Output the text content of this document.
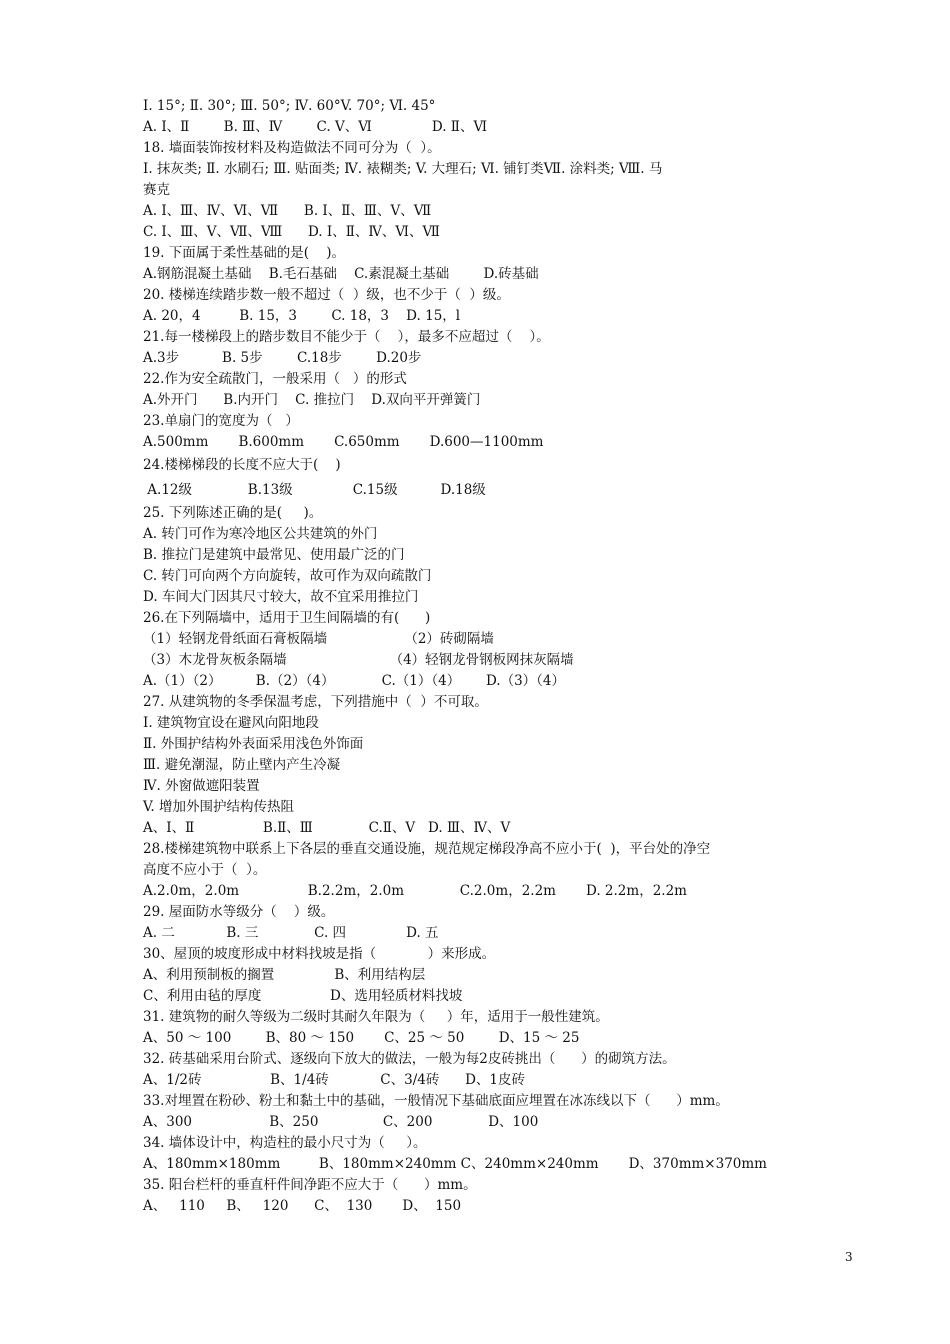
I. 15°; Ⅱ. 30°; Ⅲ. 50°; Ⅳ. 60°V. 70°; Ⅵ. 45°
A. I、Ⅱ        B. Ⅲ、Ⅳ        C. Ⅴ、Ⅵ              D. Ⅱ、Ⅵ
18. 墙面装饰按材料及构造做法不同可分为（  ）。
I. 抹灰类; Ⅱ. 水刷石; Ⅲ. 贴面类; Ⅳ. 裱糊类; V. 大理石; Ⅵ. 铺钉类Ⅶ. 涂料类; Ⅷ. 马
赛克
A. I、Ⅲ、Ⅳ、Ⅵ、Ⅶ      B. I、Ⅱ、Ⅲ、Ⅴ、Ⅶ
C. I、Ⅲ、Ⅴ、Ⅶ、Ⅷ      D. I、Ⅱ、Ⅳ、Ⅵ、Ⅶ
19. 下面属于柔性基础的是(    )。
A.钢筋混凝土基础    B.毛石基础    C.素混凝土基础        D.砖基础
20. 楼梯连续踏步数一般不超过（  ）级，也不少于（  ）级。
A. 20，4         B. 15，3        C. 18，3    D. 15，l
21.每一楼梯段上的踏步数目不能少于（    ），最多不应超过（    ）。
A.3步          B. 5步        C.18步        D.20步
22.作为安全疏散门，一般采用（   ）的形式
A.外开门      B.内开门    C. 推拉门    D.双向平开弹簧门
23.单扇门的宽度为（   ）
A.500mm       B.600mm       C.650mm       D.600—1100mm
24.楼梯梯段的长度不应大于(    )
A.12级             B.13级              C.15级          D.18级
25. 下列陈述正确的是(     )。
A. 转门可作为寒冷地区公共建筑的外门
B. 推拉门是建筑中最常见、使用最广泛的门
C. 转门可向两个方向旋转，故可作为双向疏散门
D. 车间大门因其尺寸较大，故不宜采用推拉门
26.在下列隔墙中，适用于卫生间隔墙的有(      )
（1）轻钢龙骨纸面石膏板隔墙                  （2）砖砌隔墙
（3）木龙骨灰板条隔墙                        （4）轻钢龙骨钢板网抹灰隔墙
A.（1）（2）        B.（2）（4）           C.（1）（4）      D.（3）（4）
27. 从建筑物的冬季保温考虑，下列措施中（  ）不可取。
I. 建筑物宜设在避风向阳地段
Ⅱ. 外围护结构外表面采用浅色外饰面
Ⅲ. 避免潮湿，防止壁内产生冷凝
Ⅳ. 外窗做遮阳装置
V. 增加外围护结构传热阻
A、I、Ⅱ                B.Ⅱ、Ⅲ             C.Ⅱ、V   D. Ⅲ、Ⅳ、V
28.楼梯建筑物中联系上下各层的垂直交通设施，规范规定梯段净高不应小于(  )，平台处的净空
高度不应小于（  ）。
A.2.0m，2.0m                B.2.2m，2.0m             C.2.0m，2.2m       D. 2.2m，2.2m
29. 屋面防水等级分（    ）级。
A. 二            B. 三             C. 四              D. 五
30、屋顶的坡度形成中材料找坡是指（            ）来形成。
A、利用预制板的搁置              B、利用结构层
C、利用由毡的厚度                D、选用轻质材料找坡
31. 建筑物的耐久等级为二级时其耐久年限为（     ）年，适用于一般性建筑。
A、50 ～ 100        B、80 ～ 150       C、25 ～ 50        D、15 ～ 25
32. 砖基础采用台阶式、逐级向下放大的做法，一般为每2皮砖挑出（      ）的砌筑方法。
A、1/2砖                B、1/4砖            C、3/4砖      D、1皮砖
33.对埋置在粉砂、粉土和黏土中的基础，一般情况下基础底面应埋置在冰冻线以下（      ）mm。
A、300                  B、250               C、200             D、100
34. 墙体设计中，构造柱的最小尺寸为（     ）。
A、180mm×180mm         B、180mm×240mm C、240mm×240mm       D、370mm×370mm
35. 阳台栏杆的垂直杆件间净距不应大于（      ）mm。
A、   110     B、   120      C、  130       D、  150
3
